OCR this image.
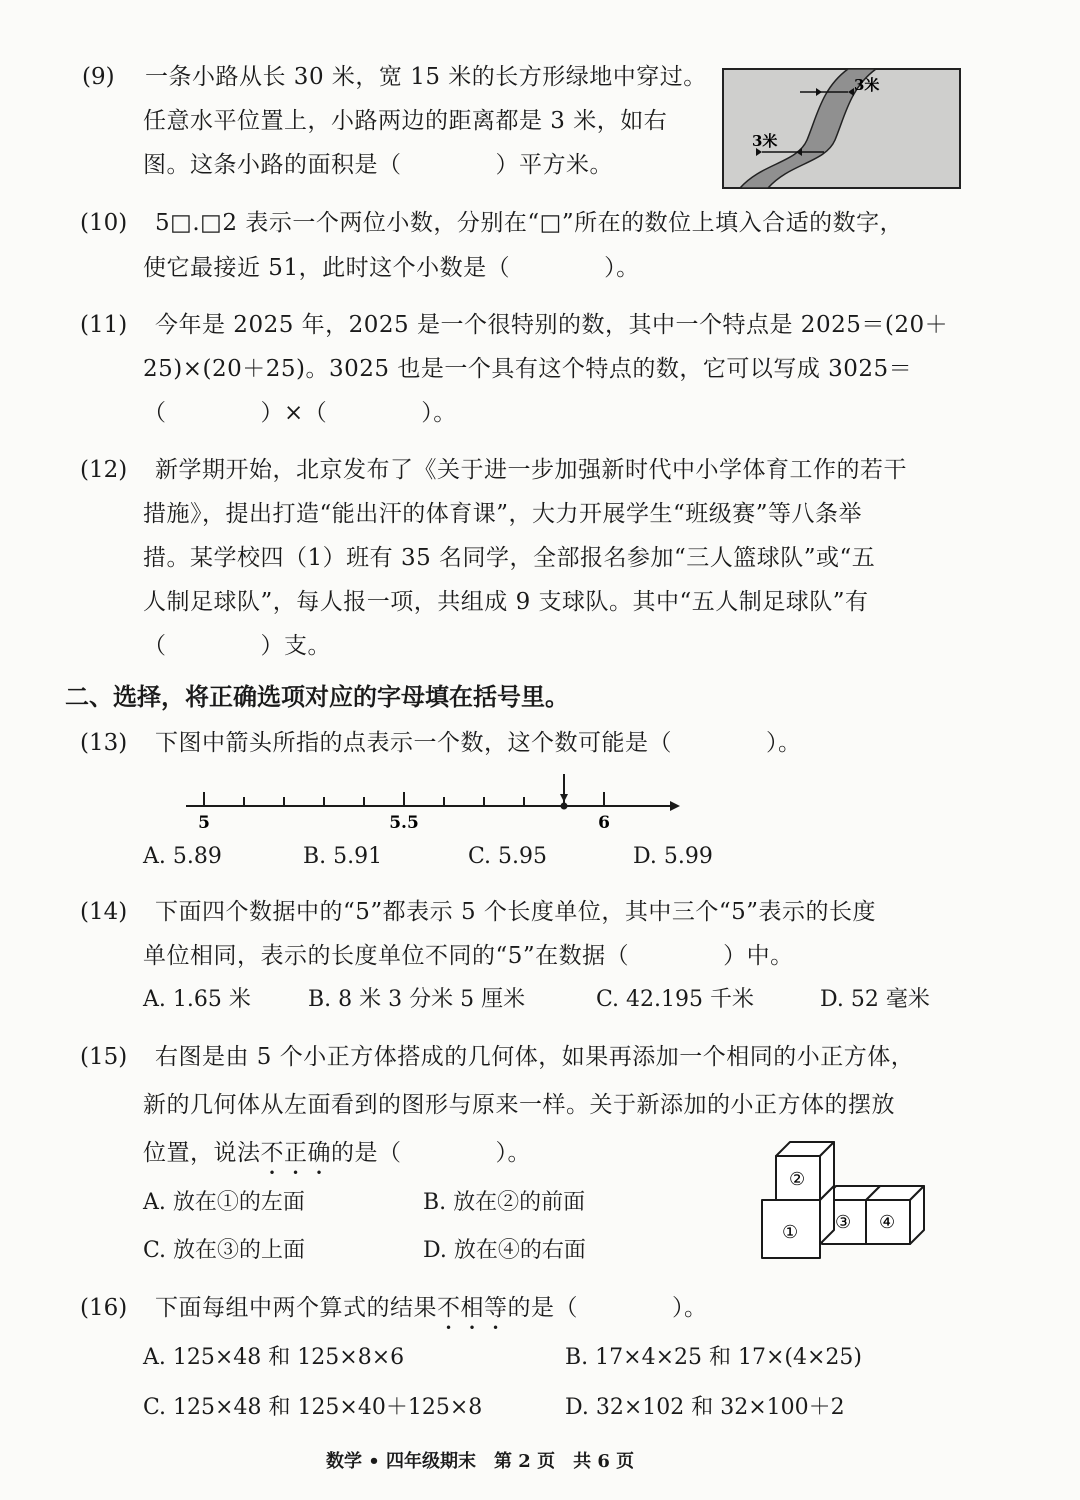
(9) 一条小路从长 30 米，宽 15 米的长方形绿地中穿过。
任意水平位置上，小路两边的距离都是 3 米，如右
图。这条小路的面积是（　　　　）平方米。
3米
3米
(10) 5□.□2 表示一个两位小数，分别在“□”所在的数位上填入合适的数字，
使它最接近 51，此时这个小数是（　　　　）。
(11) 今年是 2025 年，2025 是一个很特别的数，其中一个特点是 2025＝(20＋
25)×(20＋25)。3025 也是一个具有这个特点的数，它可以写成 3025＝
（　　　　）×（　　　　）。
(12) 新学期开始，北京发布了《关于进一步加强新时代中小学体育工作的若干
措施》，提出打造“能出汗的体育课”，大力开展学生“班级赛”等八条举
措。某学校四（1）班有 35 名同学，全部报名参加“三人篮球队”或“五
人制足球队”，每人报一项，共组成 9 支球队。其中“五人制足球队”有
（　　　　）支。
二、选择，将正确选项对应的字母填在括号里。
(13) 下图中箭头所指的点表示一个数，这个数可能是（　　　　）。
5	5.5	6
A. 5.89	B. 5.91	C. 5.95	D. 5.99
(14) 下面四个数据中的“5”都表示 5 个长度单位，其中三个“5”表示的长度
单位相同，表示的长度单位不同的“5”在数据（　　　　）中。
A. 1.65 米	B. 8 米 3 分米 5 厘米	C. 42.195 千米	D. 52 毫米
(15) 右图是由 5 个小正方体搭成的几何体，如果再添加一个相同的小正方体，
新的几何体从左面看到的图形与原来一样。关于新添加的小正方体的摆放
位置，说法不正确的是（　　　　）。
A. 放在①的左面	B. 放在②的前面
C. 放在③的上面	D. 放在④的右面
①
②
③ ④
(16) 下面每组中两个算式的结果不相等的是（　　　　）。
A. 125×48 和 125×8×6	B. 17×4×25 和 17×(4×25)
C. 125×48 和 125×40＋125×8	D. 32×102 和 32×100＋2
数学 • 四年级期末　第 2 页　共 6 页
